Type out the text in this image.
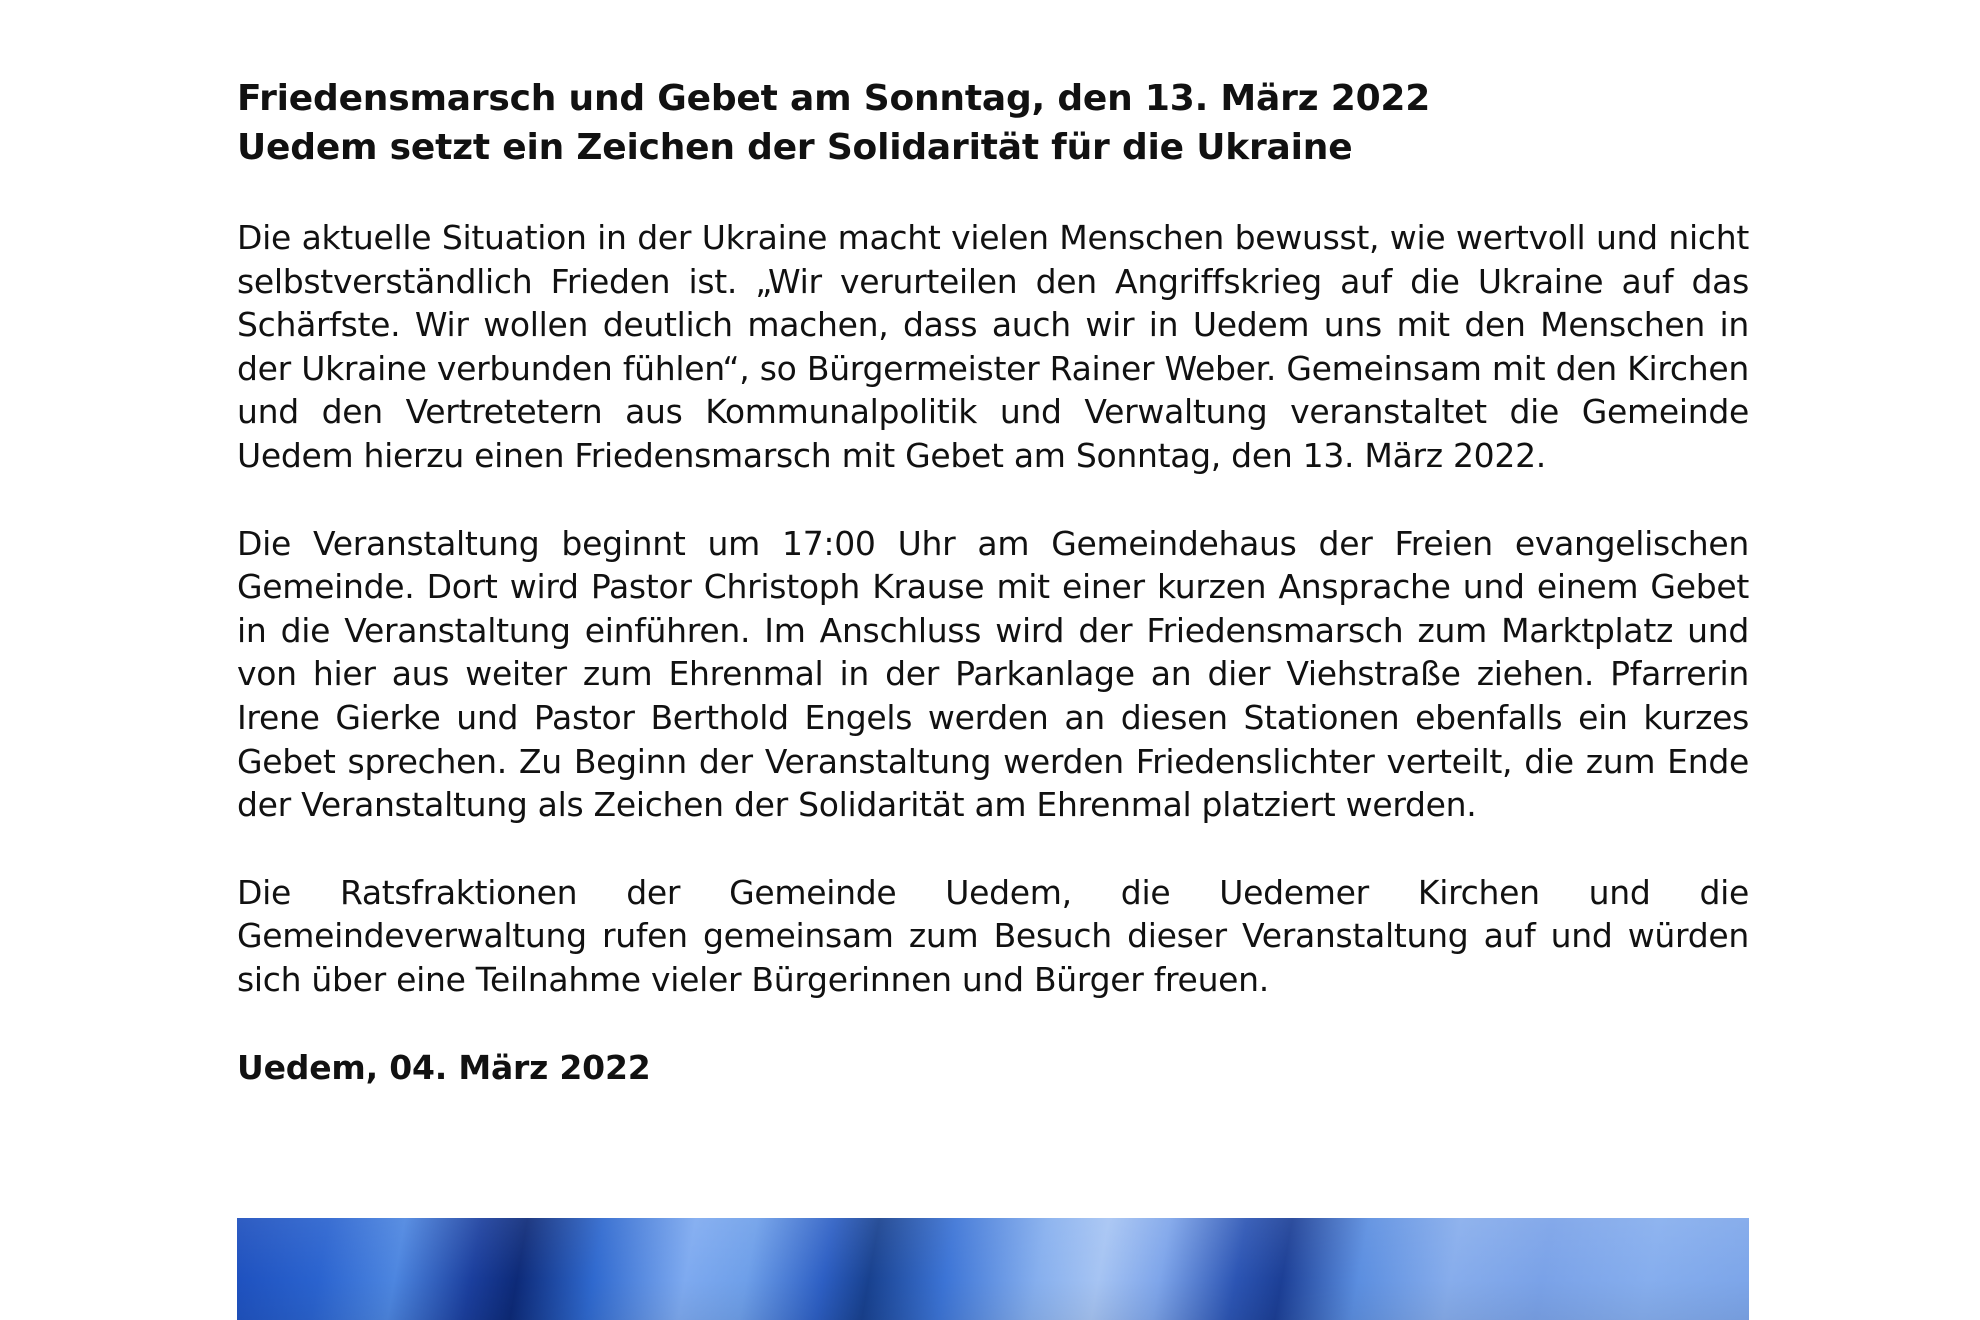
Friedensmarsch und Gebet am Sonntag, den 13. März 2022

Uedem setzt ein Zeichen der Solidarität für die Ukraine

Die aktuelle Situation in der Ukraine macht vielen Menschen bewusst, wie wertvoll und nicht selbstverständlich Frieden ist. „Wir verurteilen den Angriffskrieg auf die Ukraine auf das Schärfste. Wir wollen deutlich machen, dass auch wir in Uedem uns mit den Menschen in der Ukraine verbunden fühlen“, so Bürgermeister Rainer Weber. Gemeinsam mit den Kirchen und den Vertretetern aus Kommunalpolitik und Verwaltung veranstaltet die Gemeinde Uedem hierzu einen Friedensmarsch mit Gebet am Sonntag, den 13. März 2022.

Die Veranstaltung beginnt um 17:00 Uhr am Gemeindehaus der Freien evangelischen Gemeinde. Dort wird Pastor Christoph Krause mit einer kurzen Ansprache und einem Gebet in die Veranstaltung einführen. Im Anschluss wird der Friedensmarsch zum Marktplatz und von hier aus weiter zum Ehrenmal in der Parkanlage an dier Viehstraße ziehen. Pfarrerin Irene Gierke und Pastor Berthold Engels werden an diesen Stationen ebenfalls ein kurzes Gebet sprechen. Zu Beginn der Veranstaltung werden Friedenslichter verteilt, die zum Ende der Veranstaltung als Zeichen der Solidarität am Ehrenmal platziert werden.

Die Ratsfraktionen der Gemeinde Uedem, die Uedemer Kirchen und die Gemeindeverwaltung rufen gemeinsam zum Besuch dieser Veranstaltung auf und würden sich über eine Teilnahme vieler Bürgerinnen und Bürger freuen.

Uedem, 04. März 2022
